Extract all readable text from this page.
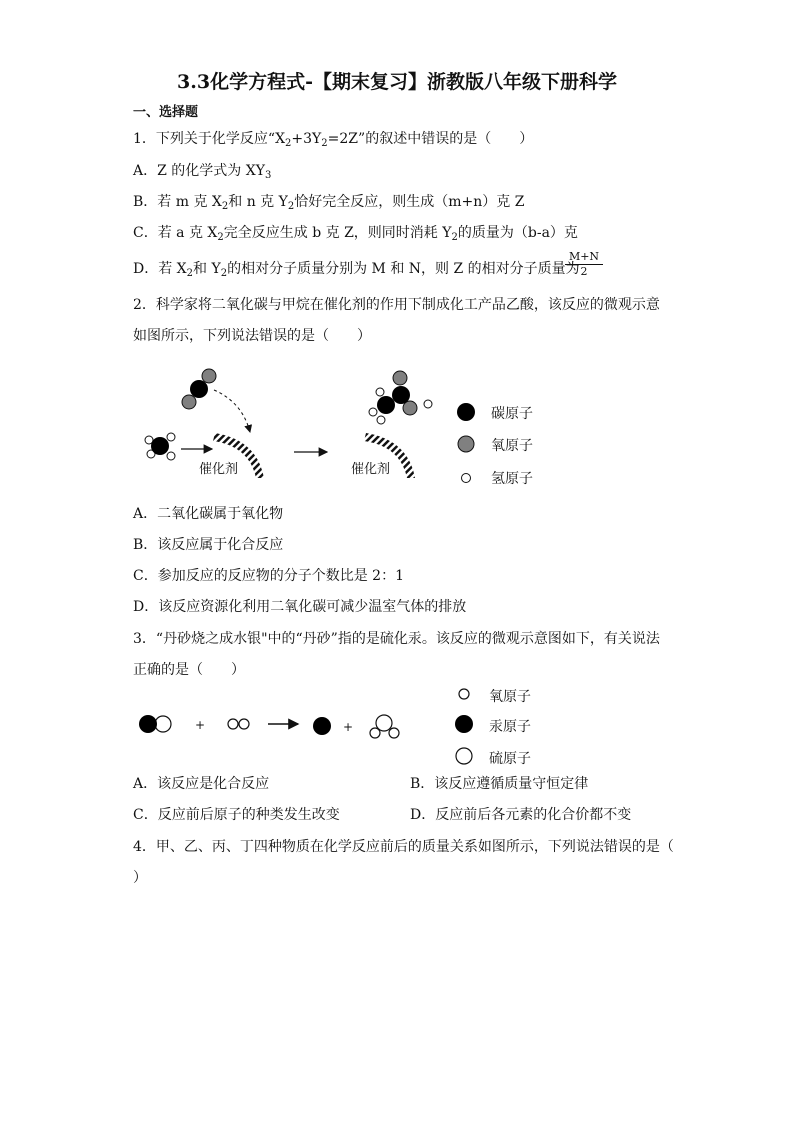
3.3化学方程式-【期末复习】浙教版八年级下册科学
一、选择题
1．下列关于化学反应“$X_2+3Y_2=2Z$”的叙述中错误的是（　　）
A．Z 的化学式为 $XY_3$
B．若 m 克 $X_2$和 n 克 $Y_2$恰好完全反应，则生成（m+n）克 Z
C．若 a 克 $X_2$完全反应生成 b 克 Z，则同时消耗 $Y_2$的质量为（b-a）克
D．若 $X_2$和 $Y_2$的相对分子质量分别为 M 和 N，则 Z 的相对分子质量为
$\frac{M+N}{2}$
2．科学家将二氧化碳与甲烷在催化剂的作用下制成化工产品乙酸，该反应的微观示意
如图所示，下列说法错误的是（　　）
催化剂	催化剂
碳原子
氧原子
氢原子
A．二氧化碳属于氧化物
B．该反应属于化合反应
C．参加反应的反应物的分子个数比是 2：1
D．该反应资源化利用二氧化碳可减少温室气体的排放
3．“丹砂烧之成水银"中的“丹砂”指的是硫化汞。该反应的微观示意图如下，有关说法
正确的是（　　）
+	+
氧原子
汞原子
硫原子
A．该反应是化合反应	B．该反应遵循质量守恒定律
C．反应前后原子的种类发生改变	D．反应前后各元素的化合价都不变
4．甲、乙、丙、丁四种物质在化学反应前后的质量关系如图所示，下列说法错误的是（
）
